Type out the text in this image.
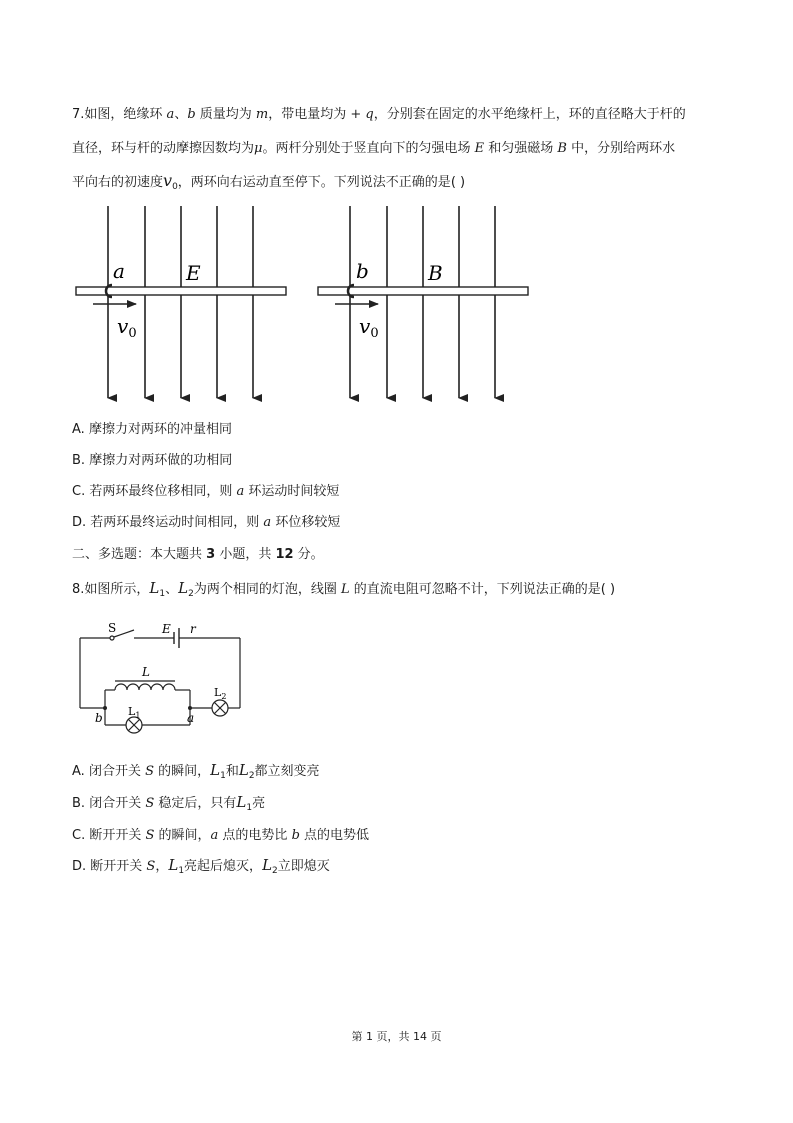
7.如图，绝缘环 a、b 质量均为 m，带电量均为 + q，分别套在固定的水平绝缘杆上，环的直径略大于杆的
直径，环与杆的动摩擦因数均为μ。两杆分别处于竖直向下的匀强电场 E 和匀强磁场 B 中，分别给两环水
平向右的初速度$v_0$，两环向右运动直至停下。下列说法不正确的是( )
a	E
$v_0$
b	B
$v_0$
A. 摩擦力对两环的冲量相同
B. 摩擦力对两环做的功相同
C. 若两环最终位移相同，则 a 环运动时间较短
D. 若两环最终运动时间相同，则 a 环位移较短
二、多选题：本大题共 3 小题，共 12 分。
8.如图所示，$L_1$、$L_2$为两个相同的灯泡，线圈 L 的直流电阻可忽略不计，下列说法正确的是( )
S	E r
L
$L_1$
$L_2$
b	a
A. 闭合开关 S 的瞬间，$L_1$和$L_2$都立刻变亮
B. 闭合开关 S 稳定后，只有$L_1$亮
C. 断开开关 S 的瞬间，a 点的电势比 b 点的电势低
D. 断开开关 S，$L_1$亮起后熄灭，$L_2$立即熄灭
第 1 页，共 14 页
